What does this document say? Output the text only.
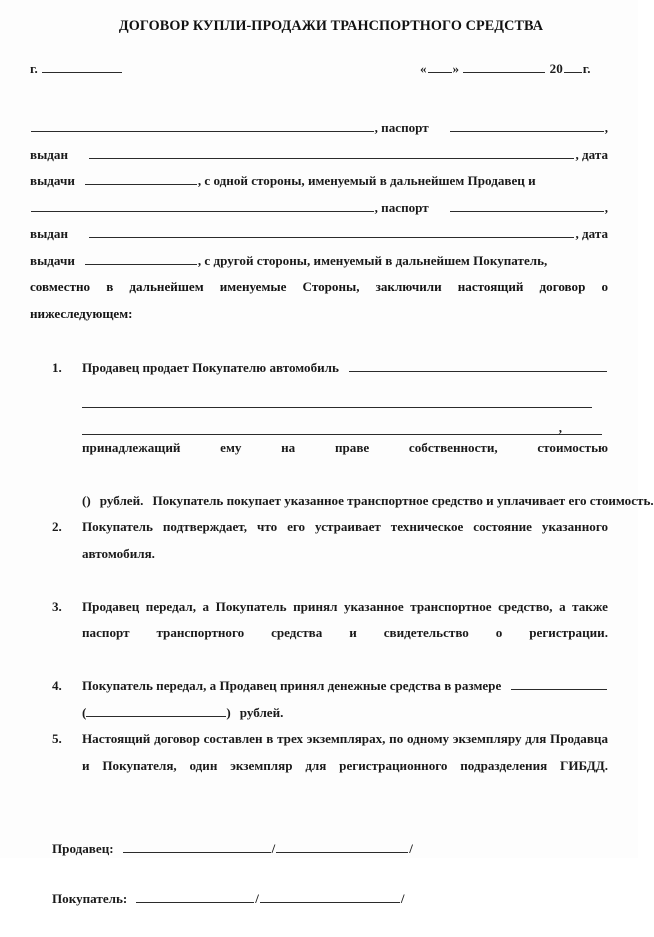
ДОГОВОР КУПЛИ-ПРОДАЖИ ТРАНСПОРТНОГО СРЕДСТВА
г.	« »	20 г.
, паспорт	,
выдан	, дата
выдачи	, с одной стороны, именуемый в дальнейшем Продавец и
, паспорт	,
выдан	, дата
выдачи	, с другой стороны, именуемый в дальнейшем Покупатель,
совместно в дальнейшем именуемые Стороны, заключили настоящий договор о нижеследующем:
1. Продавец продает Покупателю автомобиль
,
принадлежащий ему на праве собственности, стоимостью
( ) рублей. Покупатель покупает указанное транспортное средство и уплачивает его стоимость.
2. Покупатель подтверждает, что его устраивает техническое состояние указанного автомобиля.
3. Продавец передал, а Покупатель принял указанное транспортное средство, а также паспорт транспортного средства и свидетельство о регистрации.
4. Покупатель передал, а Продавец принял денежные средства в размере
(	) рублей.
5. Настоящий договор составлен в трех экземплярах, по одному экземпляру для Продавца и Покупателя, один экземпляр для регистрационного подразделения ГИБДД.
Продавец:	/	/
Покупатель:	/	/
